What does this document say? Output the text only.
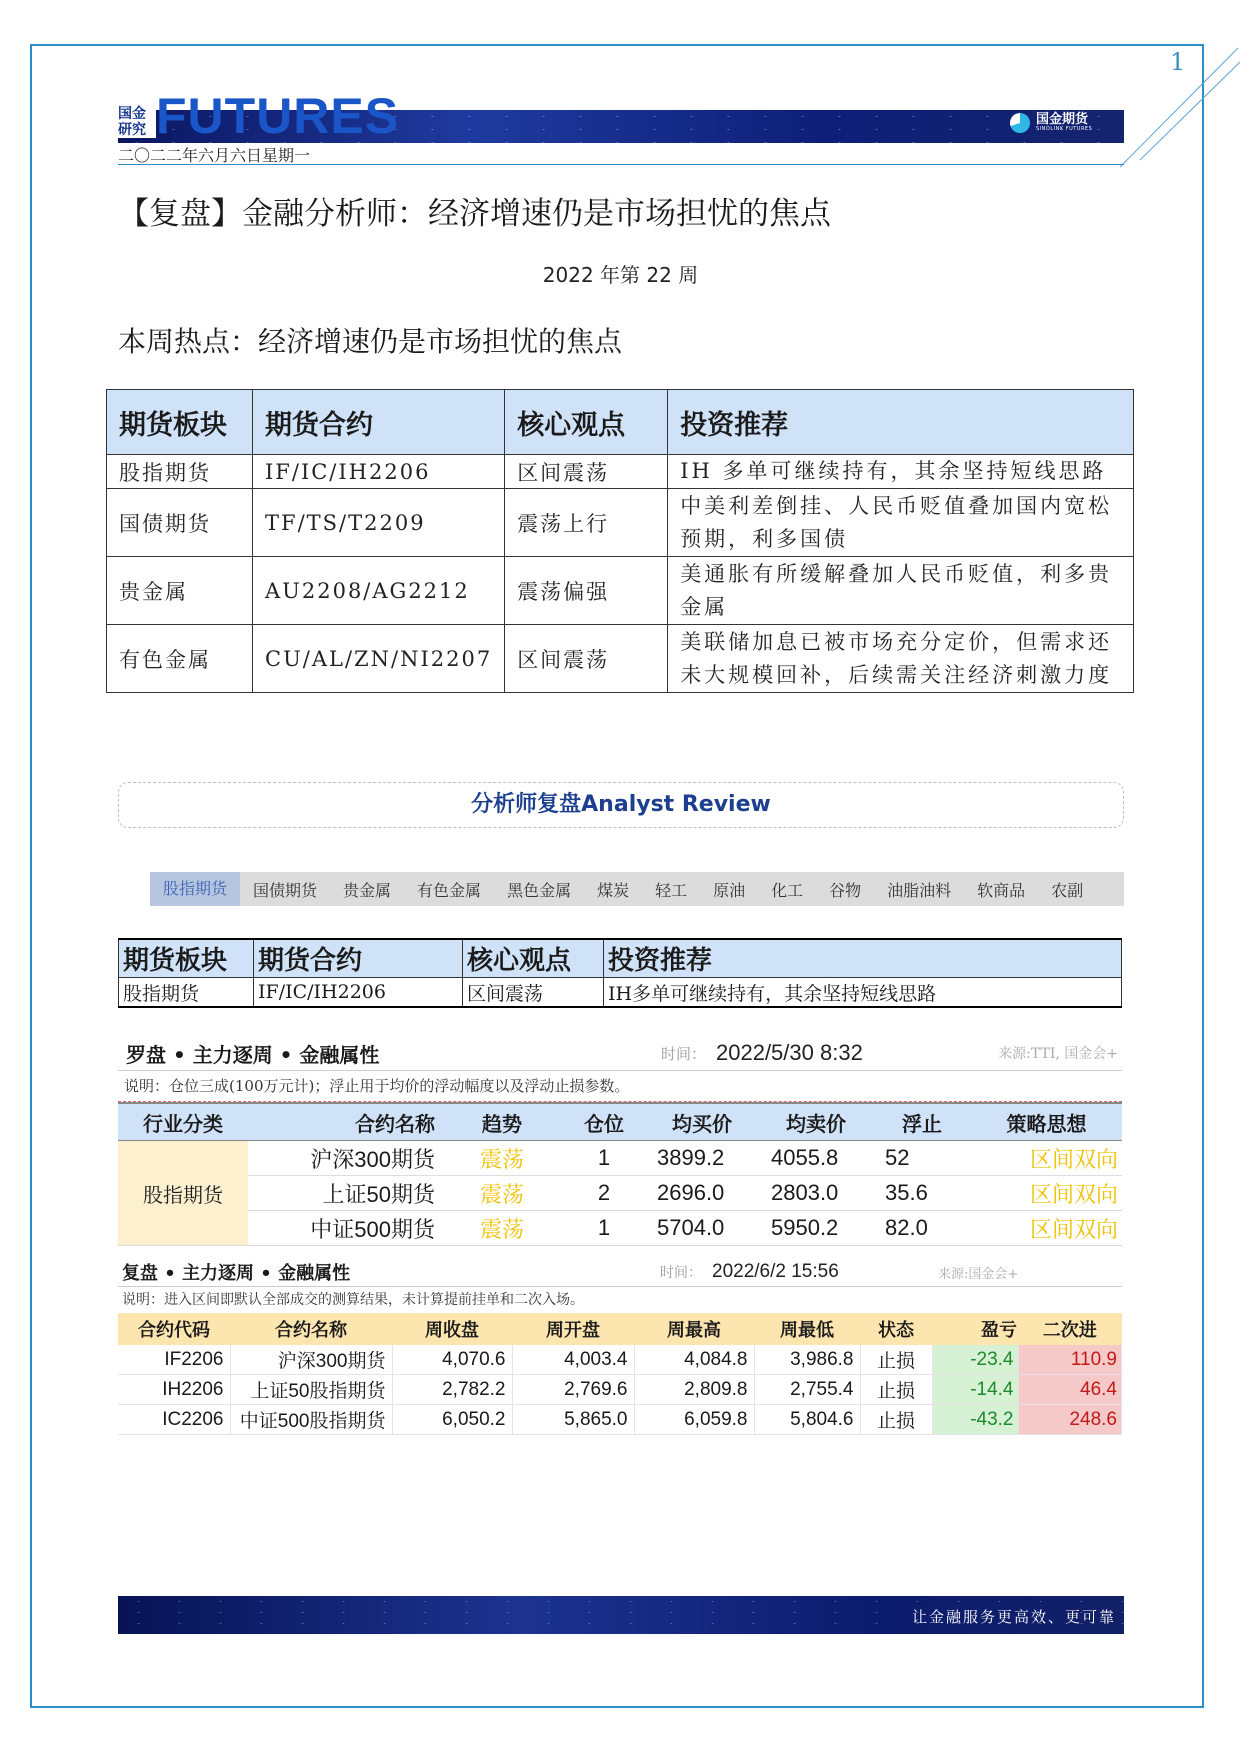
1
国金
研究 FUTURES	国金期货
SINOLINK FUTURES
二〇二二年六月六日星期一
【复盘】金融分析师：经济增速仍是市场担忧的焦点
2022 年第 22 周
本周热点：经济增速仍是市场担忧的焦点
期货板块	期货合约	核心观点	投资推荐
股指期货	IF/IC/IH2206	区间震荡	IH 多单可继续持有，其余坚持短线思路
国债期货	TF/TS/T2209	震荡上行	中美利差倒挂、人民币贬值叠加国内宽松预期，利多国债
贵金属	AU2208/AG2212	震荡偏强	美通胀有所缓解叠加人民币贬值，利多贵金属
有色金属	CU/AL/ZN/NI2207	区间震荡	美联储加息已被市场充分定价，但需求还未大规模回补，后续需关注经济刺激力度
分析师复盘Analyst Review
股指期货	国债期货	贵金属	有色金属	黑色金属	煤炭	轻工	原油	化工	谷物	油脂油料	软商品	农副
期货板块	期货合约	核心观点	投资推荐
股指期货	IF/IC/IH2206	区间震荡	IH多单可继续持有，其余坚持短线思路
罗盘 • 主力逐周 • 金融属性	时间： 2022/5/30 8:32	来源:TTI, 国金会+
说明：仓位三成(100万元计)；浮止用于均价的浮动幅度以及浮动止损参数。
行业分类	合约名称	趋势	仓位	均买价	均卖价	浮止	策略思想
股指期货	沪深300期货	震荡	1	3899.2	4055.8	52	区间双向
	上证50期货	震荡	2	2696.0	2803.0	35.6	区间双向
	中证500期货	震荡	1	5704.0	5950.2	82.0	区间双向
复盘 • 主力逐周 • 金融属性	时间： 2022/6/2 15:56	来源:国金会+
说明：进入区间即默认全部成交的测算结果，未计算提前挂单和二次入场。
合约代码	合约名称	周收盘	周开盘	周最高	周最低	状态	盈亏	二次进
IF2206	沪深300期货	4,070.6	4,003.4	4,084.8	3,986.8	止损	-23.4	110.9
IH2206	上证50股指期货	2,782.2	2,769.6	2,809.8	2,755.4	止损	-14.4	46.4
IC2206	中证500股指期货	6,050.2	5,865.0	6,059.8	5,804.6	止损	-43.2	248.6
让金融服务更高效、更可靠
